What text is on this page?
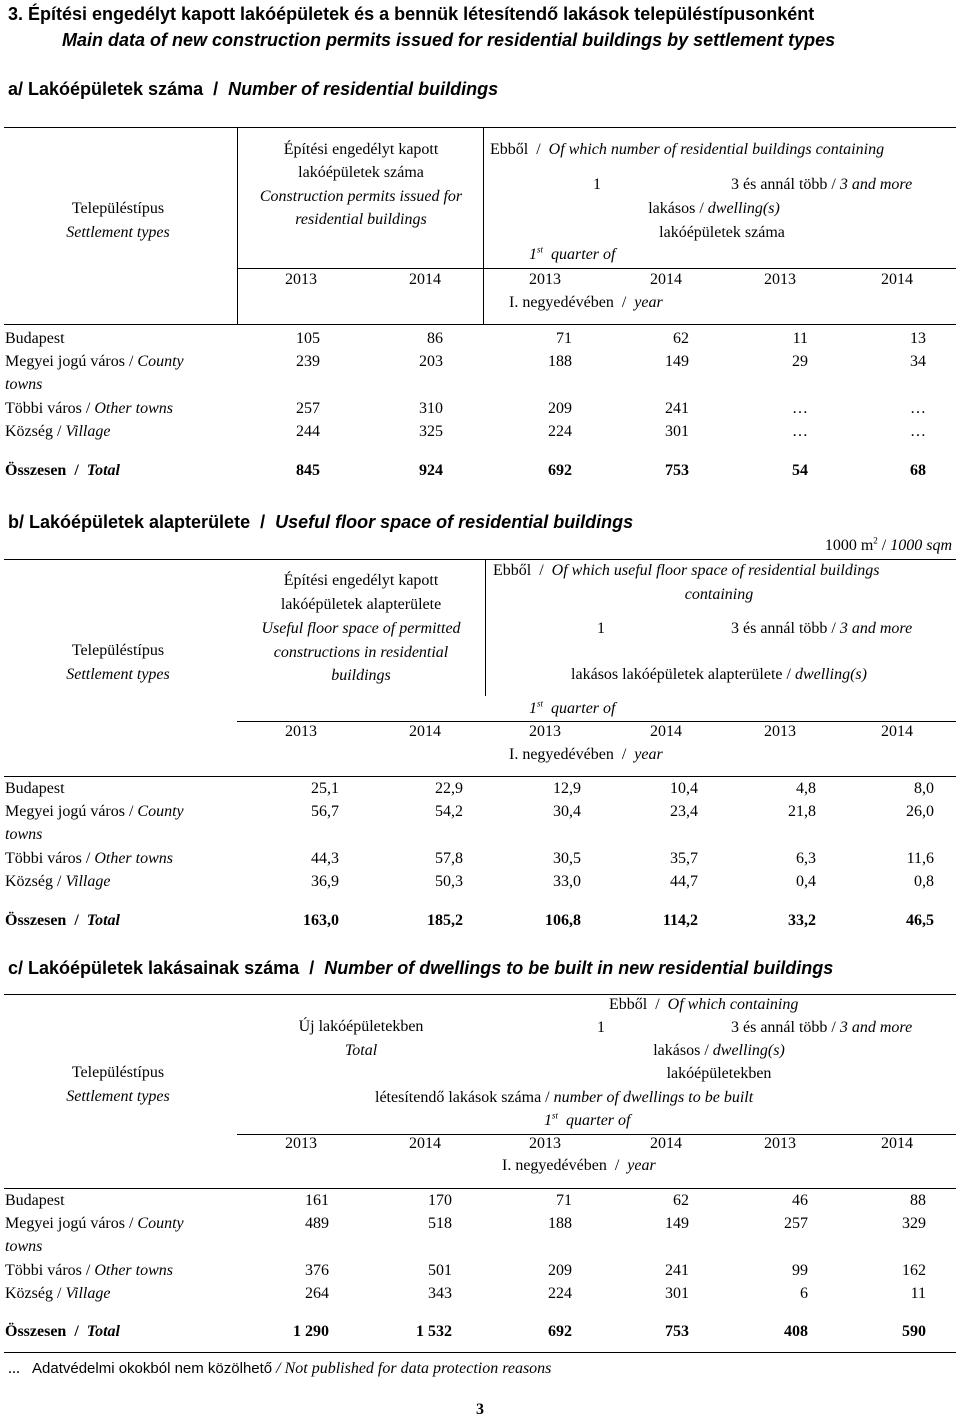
3. Építési engedélyt kapott lakóépületek és a bennük létesítendő lakások településtípusonként
Main data of new construction permits issued for residential buildings by settlement types
a/ Lakóépületek száma / Number of residential buildings
Településtípus
Settlement types
Építési engedélyt kapott
lakóépületek száma
Construction permits issued for
residential buildings
Ebből / Of which number of residential buildings containing
1	3 és annál több / 3 and more
lakásos / dwelling(s)
lakóépületek száma
1st quarter of
2013	2014	2013	2014	2013	2014
I. negyedévében / year
Budapest	105	86	71	62	11	13
Megyei jogú város / County
towns
239	203	188	149	29	34
Többi város / Other towns	257	310	209	241	…	…
Község / Village	244	325	224	301	…	…
Összesen / Total	845	924	692	753	54	68
b/ Lakóépületek alapterülete / Useful floor space of residential buildings
1000 $m^2 / 1000$ sqm
Településtípus
Settlement types
Építési engedélyt kapott
lakóépületek alapterülete
Useful floor space of permitted
constructions in residential
buildings
Ebből / Of which useful floor space of residential buildings
containing
1	3 és annál több / 3 and more
lakásos lakóépületek alapterülete / dwelling(s)
1st quarter of
2013	2014	2013	2014	2013	2014
I. negyedévében / year
Budapest	25,1	22,9	12,9	10,4	4,8	8,0
Megyei jogú város / County
towns
56,7	54,2	30,4	23,4	21,8	26,0
Többi város / Other towns	44,3	57,8	30,5	35,7	6,3	11,6
Község / Village	36,9	50,3	33,0	44,7	0,4	0,8
Összesen / Total	163,0	185,2	106,8	114,2	33,2	46,5
c/ Lakóépületek lakásainak száma / Number of dwellings to be built in new residential buildings
Településtípus
Settlement types
Új lakóépületekben
Total
Ebből / Of which containing
1	3 és annál több / 3 and more
lakásos / dwelling(s)
lakóépületekben
létesítendő lakások száma / number of dwellings to be built
1st quarter of
2013	2014	2013	2014	2013	2014
I. negyedévében / year
Budapest	161	170	71	62	46	88
Megyei jogú város / County
towns
489	518	188	149	257	329
Többi város / Other towns	376	501	209	241	99	162
Község / Village	264	343	224	301	6	11
Összesen / Total	1 290	1 532	692	753	408	590
... Adatvédelmi okokból nem közölhető / Not published for data protection reasons
3
